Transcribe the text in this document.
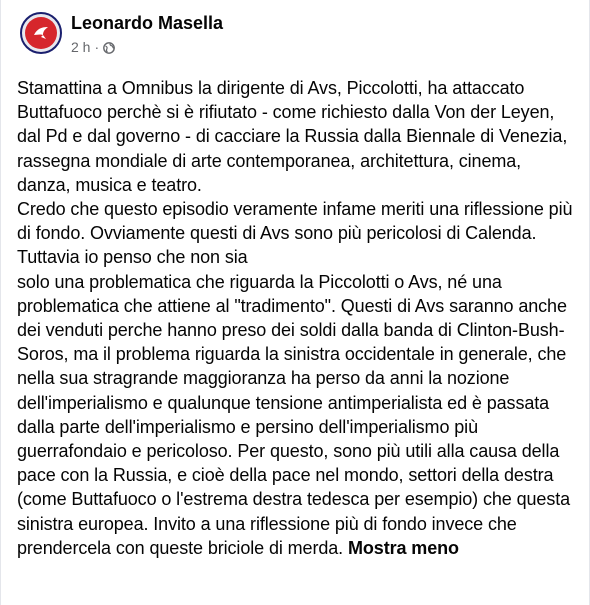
Leonardo Masella
2 h ·
Stamattina a Omnibus la dirigente di Avs, Piccolotti, ha attaccato Buttafuoco perchè si è rifiutato - come richiesto dalla Von der Leyen, dal Pd e dal governo - di cacciare la Russia dalla Biennale di Venezia, rassegna mondiale di arte contemporanea, architettura, cinema, danza, musica e teatro.
Credo che questo episodio veramente infame meriti una riflessione più di fondo. Ovviamente questi di Avs sono più pericolosi di Calenda. Tuttavia io penso che non sia
solo una problematica che riguarda la Piccolotti o Avs, né una problematica che attiene al "tradimento". Questi di Avs saranno anche dei venduti perche hanno preso dei soldi dalla banda di Clinton-Bush-Soros, ma il problema riguarda la sinistra occidentale in generale, che nella sua stragrande maggioranza ha perso da anni la nozione dell'imperialismo e qualunque tensione antimperialista ed è passata dalla parte dell'imperialismo e persino dell'imperialismo più guerrafondaio e pericoloso. Per questo, sono più utili alla causa della pace con la Russia, e cioè della pace nel mondo, settori della destra (come Buttafuoco o l'estrema destra tedesca per esempio) che questa sinistra europea. Invito a una riflessione più di fondo invece che prendercela con queste briciole di merda. Mostra meno
